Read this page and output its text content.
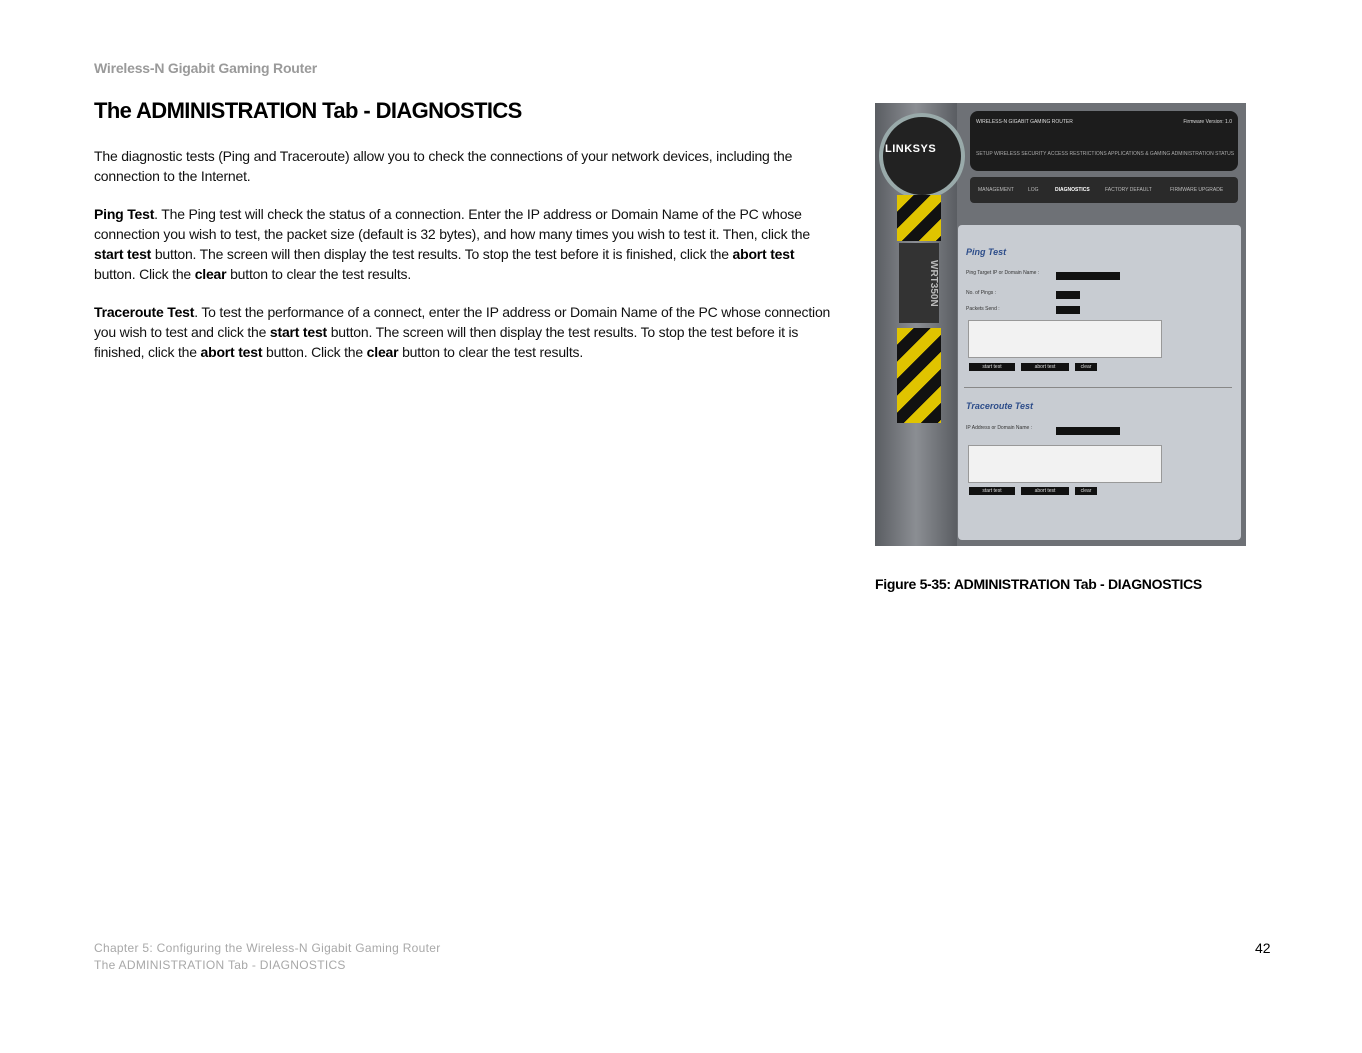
Wireless-N Gigabit Gaming Router
The ADMINISTRATION Tab - DIAGNOSTICS

The diagnostic tests (Ping and Traceroute) allow you to check the connections of your network devices, including the connection to the Internet.

Ping Test. The Ping test will check the status of a connection. Enter the IP address or Domain Name of the PC whose connection you wish to test, the packet size (default is 32 bytes), and how many times you wish to test it. Then, click the start test button. The screen will then display the test results. To stop the test before it is finished, click the abort test button. Click the clear button to clear the test results.

Traceroute Test. To test the performance of a connect, enter the IP address or Domain Name of the PC whose connection you wish to test and click the start test button. The screen will then display the test results. To stop the test before it is finished, click the abort test button. Click the clear button to clear the test results.

LINKSYS
WRT350N
WIRELESS-N GIGABIT GAMING ROUTER	Firmware Version: 1.0
SETUP WIRELESS SECURITY ACCESS RESTRICTIONS APPLICATIONS & GAMING ADMINISTRATION STATUS
MANAGEMENT	LOG	DIAGNOSTICS	FACTORY DEFAULT	FIRMWARE UPGRADE
Ping Test
Ping Target IP or Domain Name :
No. of Pings :
Packets Send :
start test	abort test	clear
Traceroute Test
IP Address or Domain Name :
start test	abort test	clear
Figure 5-35: ADMINISTRATION Tab - DIAGNOSTICS
Chapter 5: Configuring the Wireless-N Gigabit Gaming Router
The ADMINISTRATION Tab - DIAGNOSTICS
42
